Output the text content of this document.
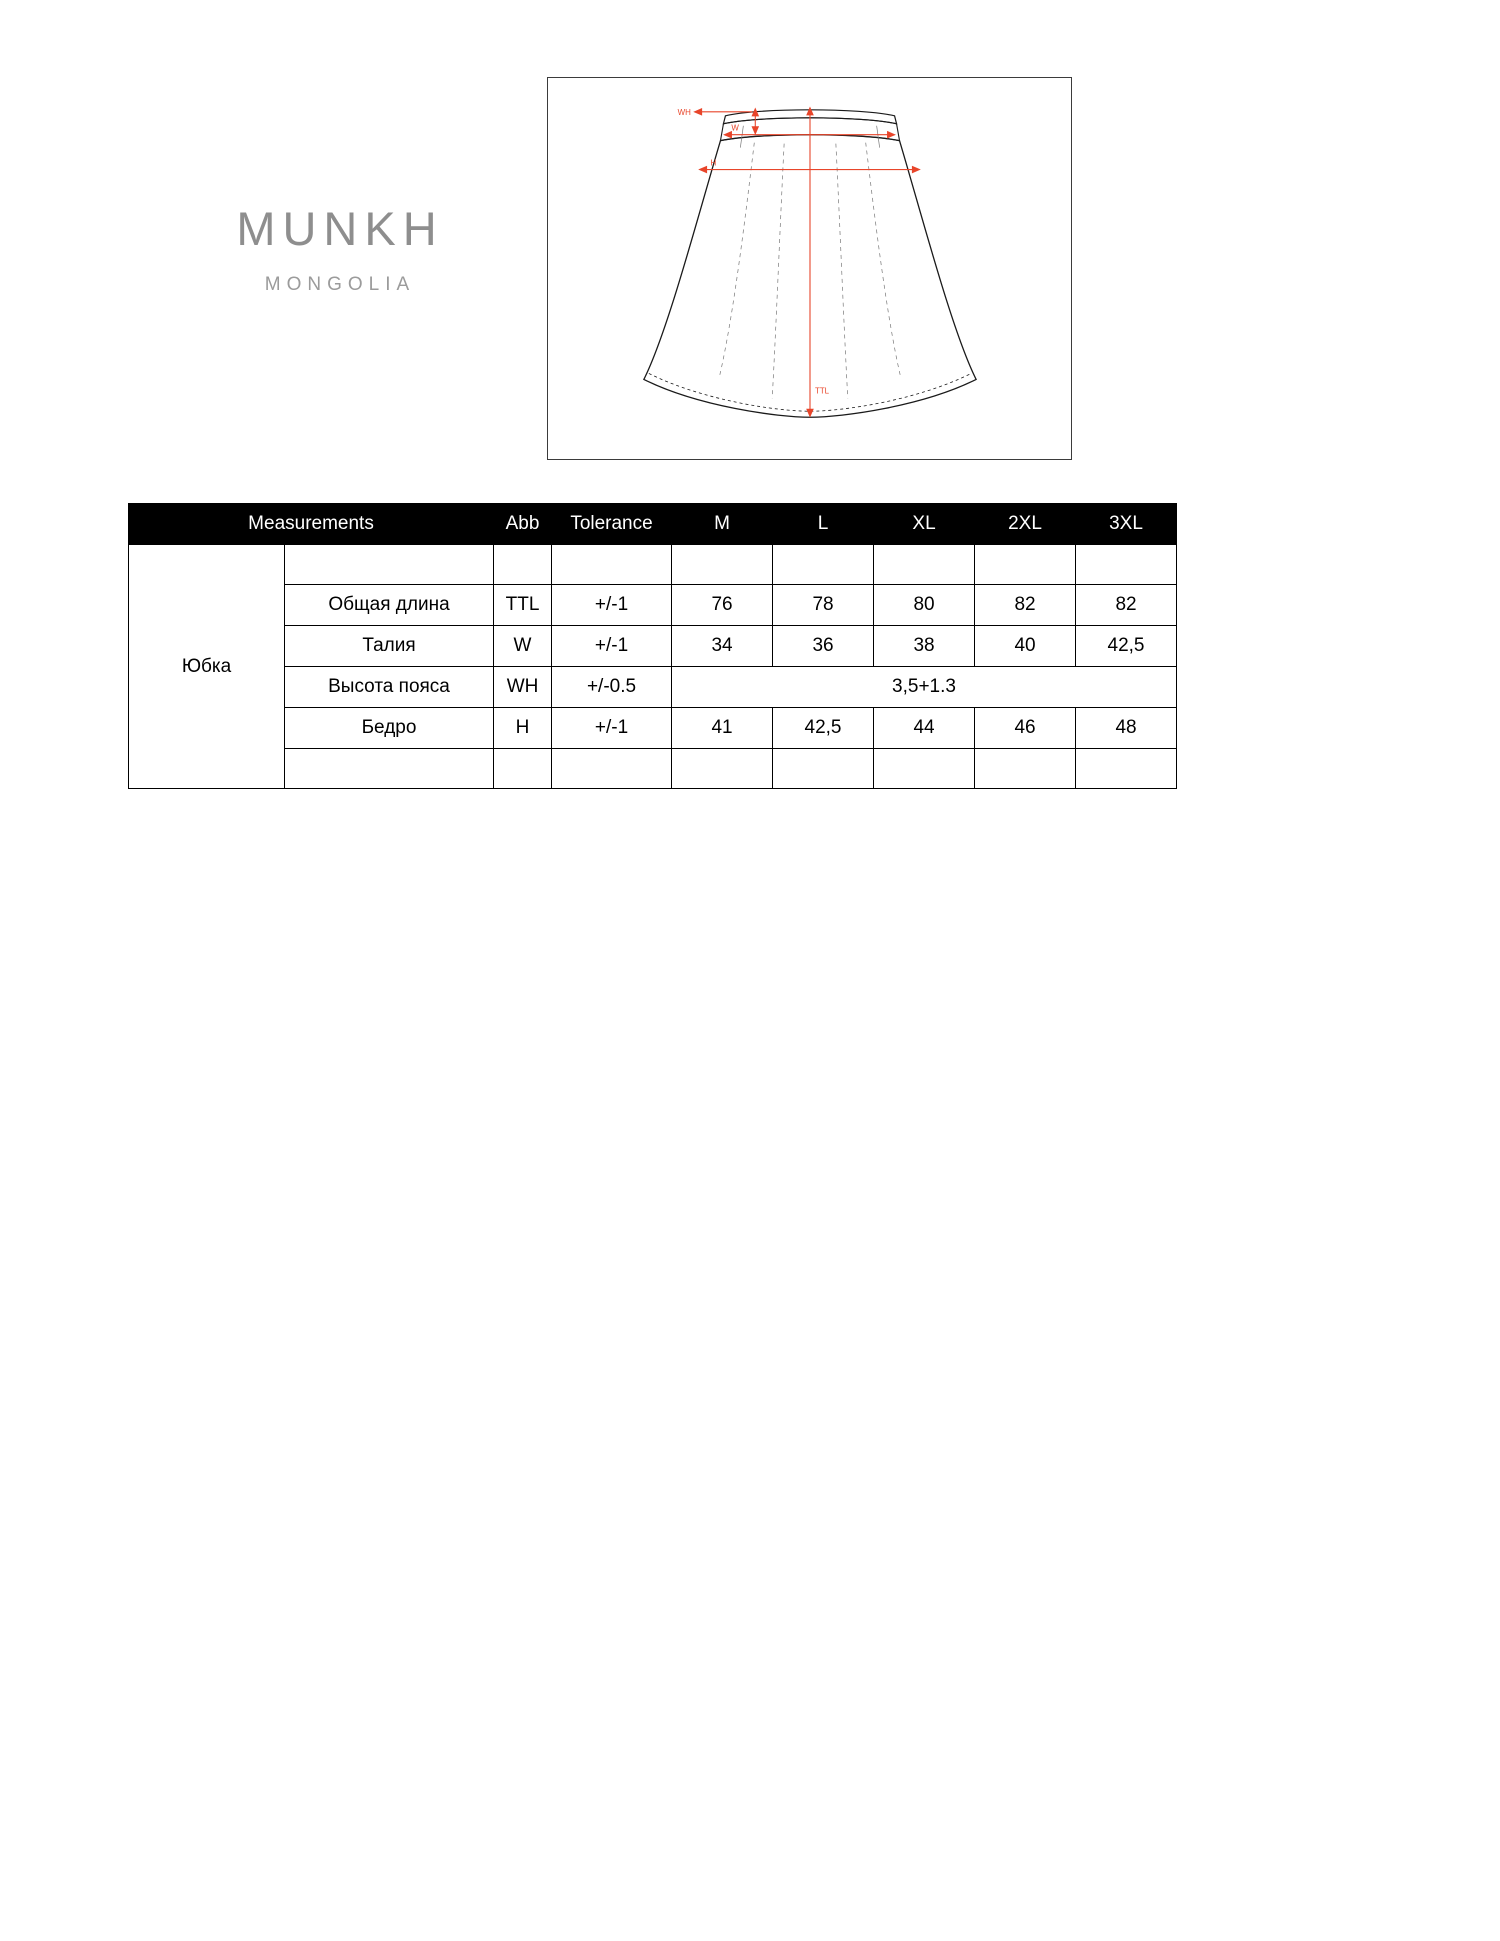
MUNKH
MONGOLIA
WH
W
H
TTL
Measurements		Abb	Tolerance	M	L	XL	2XL	3XL
Юбка								
	Общая длина	TTL	+/-1	76	78	80	82	82
	Талия	W	+/-1	34	36	38	40	42,5
	Высота пояса	WH	+/-0.5	3,5+1.3				
	Бедро	H	+/-1	41	42,5	44	46	48
